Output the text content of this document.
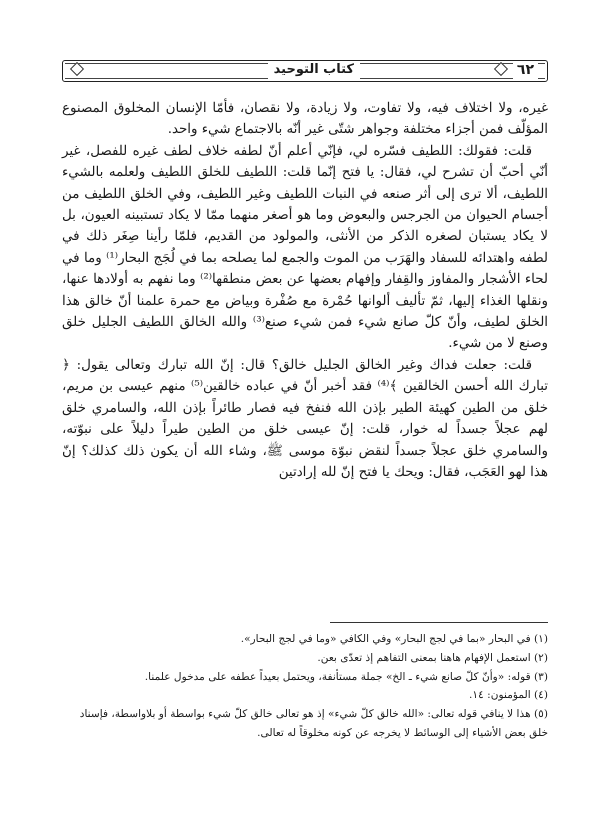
٦٢
كتاب التوحيد

غيره، ولا اختلاف فيه، ولا تفاوت، ولا زيادة، ولا نقصان، فأمّا الإنسان المخلوق المصنوع المؤلّف فمن أجزاء مختلفة وجواهر شتّى غير أنّه بالاجتماع شيء واحد.

قلت: فقولك: اللطيف فسّره لي، فإنّي أعلم أنّ لطفه خلاف لطف غيره للفصل، غير أنّي أحبّ أن تشرح لي، فقال: يا فتح إنّما قلت: اللطيف للخلق اللطيف ولعلمه بالشيء اللطيف، ألا ترى إلى أثر صنعه في النبات اللطيف وغير اللطيف، وفي الخلق اللطيف من أجسام الحيوان من الجرجس والبعوض وما هو أصغر منهما ممّا لا يكاد تستبينه العيون، بل لا يكاد يستبان لصغره الذكر من الأنثى، والمولود من القديم، فلمّا رأينا صِغَر ذلك في لطفه واهتدائه للسفاد والهَرَب من الموت والجمع لما يصلحه بما في لُجَج البحار⁽¹⁾ وما في لحاء الأشجار والمفاوز والقِفار وإفهام بعضها عن بعض منطقها⁽²⁾ وما نفهم به أولادها عنها، ونقلها الغذاء إليها، ثمّ تأليف ألوانها حُمْرة مع صُفْرة وبياض مع حمرة علمنا أنّ خالق هذا الخلق لطيف، وأنّ كلّ صانع شيء فمن شيء صنع⁽³⁾ والله الخالق اللطيف الجليل خلق وصنع لا من شيء.

قلت: جعلت فداك وغير الخالق الجليل خالق؟ قال: إنّ الله تبارك وتعالى يقول: ﴿ تبارك الله أحسن الخالقين ﴾⁽⁴⁾ فقد أخبر أنّ في عباده خالقين⁽⁵⁾ منهم عيسى بن مريم، خلق من الطين كهيئة الطير بإذن الله فنفخ فيه فصار طائراً بإذن الله، والسامري خلق لهم عجلاً جسداً له خوار، قلت: إنّ عيسى خلق من الطين طيراً دليلاً على نبوّته، والسامري خلق عجلاً جسداً لنقض نبوّة موسى ﷺ، وشاء الله أن يكون ذلك كذلك؟ إنّ هذا لهو العَجَب، فقال: ويحك يا فتح إنّ لله إرادتين

(١) في البحار «بما في لجج البحار» وفي الكافي «وما في لجج البحار».

(٢) استعمل الإفهام هاهنا بمعنى التفاهم إذ تعدّى بعن.

(٣) قوله: «وأنّ كلّ صانع شيء ـ الخ» جملة مستأنفة، ويحتمل بعيداً عطفه على مدخول علمنا.

(٤) المؤمنون: ١٤.

(٥) هذا لا ينافي قوله تعالى: «الله خالق كلّ شيء» إذ هو تعالى خالق كلّ شيء بواسطة أو بلاواسطة، فإسناد خلق بعض الأشياء إلى الوسائط لا يخرجه عن كونه مخلوقاً له تعالى.
